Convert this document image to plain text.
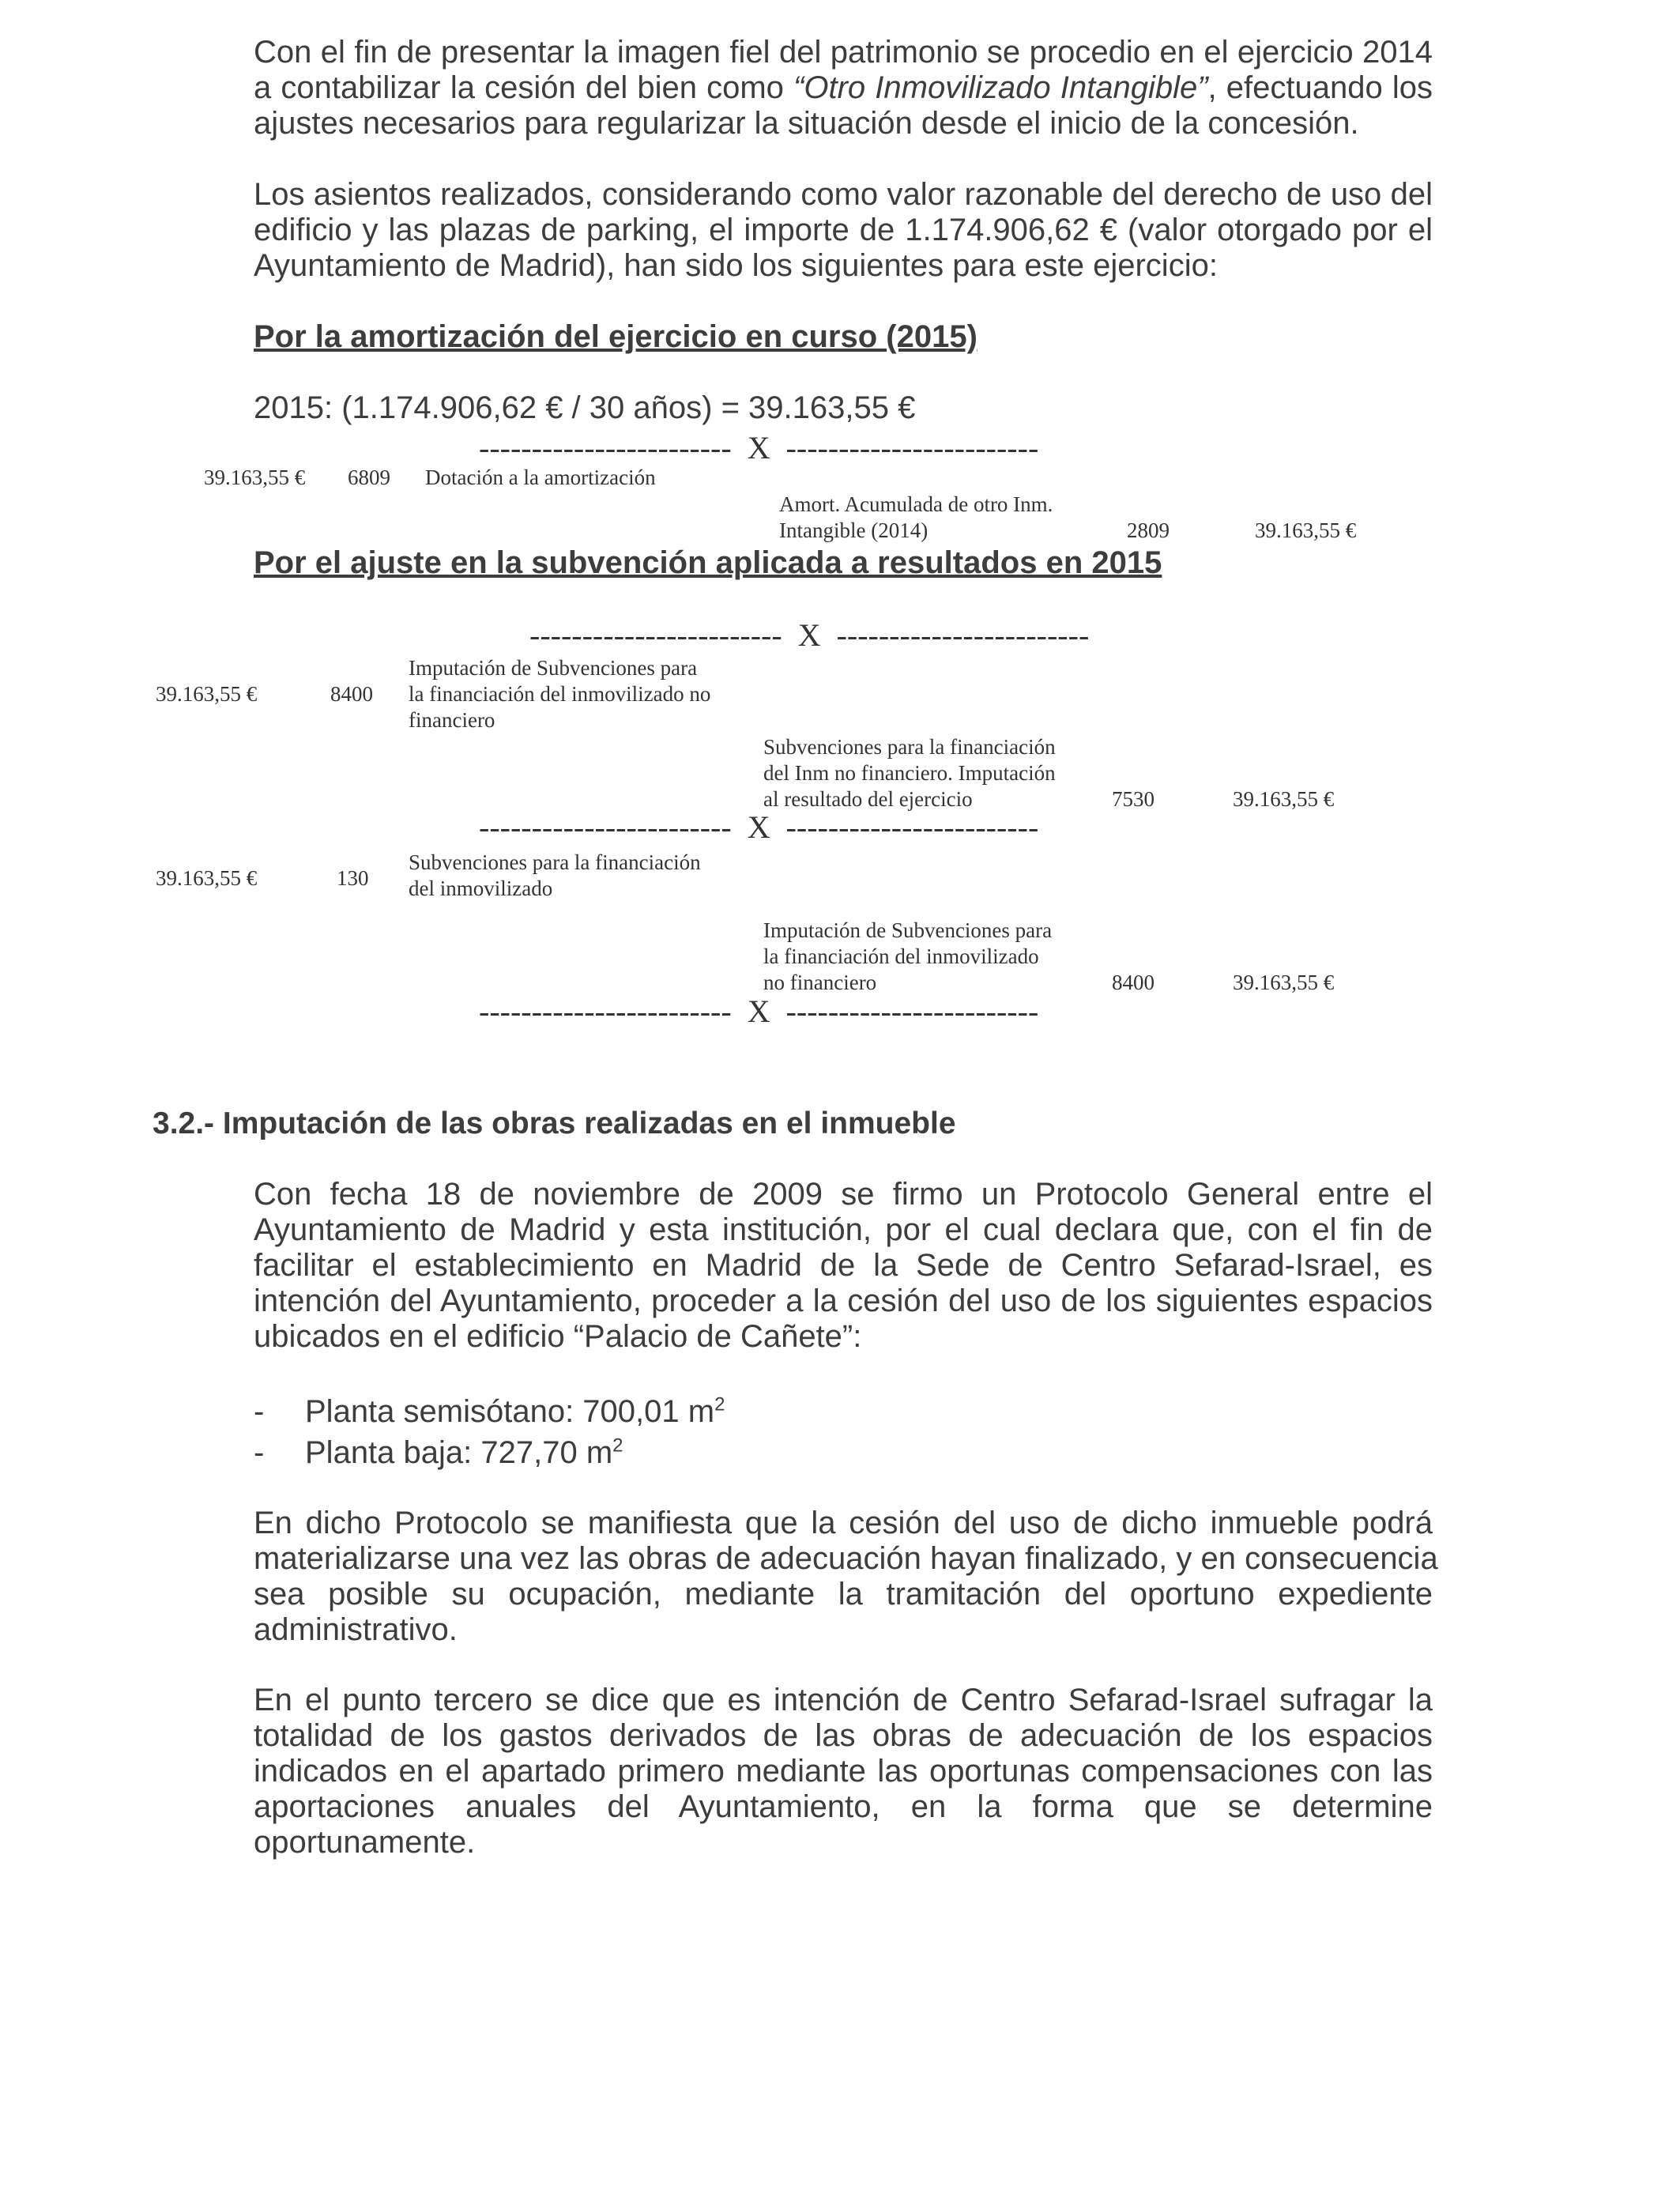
Con el fin de presentar la imagen fiel del patrimonio se procedio en el ejercicio 2014
a contabilizar la cesión del bien como “Otro Inmovilizado Intangible”, efectuando los
ajustes necesarios para regularizar la situación desde el inicio de la concesión.
Los asientos realizados, considerando como valor razonable del derecho de uso del
edificio y las plazas de parking, el importe de 1.174.906,62 € (valor otorgado por el
Ayuntamiento de Madrid), han sido los siguientes para este ejercicio:
Por la amortización del ejercicio en curso (2015)
2015: (1.174.906,62 € / 30 años) = 39.163,55 €
------------------------  X  ------------------------
39.163,55 € 6809 Dotación a la amortización
Amort. Acumulada de otro Inm.
Intangible (2014)	2809	39.163,55 €
Por el ajuste en la subvención aplicada a resultados en 2015
------------------------  X  ------------------------
39.163,55 €	8400
Imputación de Subvenciones para
la financiación del inmovilizado no
financiero
Subvenciones para la financiación
del Inm no financiero. Imputación
al resultado del ejercicio	7530	39.163,55 €
------------------------  X  ------------------------
39.163,55 €	130
Subvenciones para la financiación
del inmovilizado
Imputación de Subvenciones para
la financiación del inmovilizado
no financiero	8400	39.163,55 €
------------------------  X  ------------------------
3.2.- Imputación de las obras realizadas en el inmueble
Con fecha 18 de noviembre de 2009 se firmo un Protocolo General entre el
Ayuntamiento de Madrid y esta institución, por el cual declara que, con el fin de
facilitar el establecimiento en Madrid de la Sede de Centro Sefarad-Israel, es
intención del Ayuntamiento, proceder a la cesión del uso de los siguientes espacios
ubicados en el edificio “Palacio de Cañete”:
- Planta semisótano: 700,01 $m^2$
- Planta baja: 727,70 $m^2$
En dicho Protocolo se manifiesta que la cesión del uso de dicho inmueble podrá
materializarse una vez las obras de adecuación hayan finalizado, y en consecuencia
sea posible su ocupación, mediante la tramitación del oportuno expediente
administrativo.
En el punto tercero se dice que es intención de Centro Sefarad-Israel sufragar la
totalidad de los gastos derivados de las obras de adecuación de los espacios
indicados en el apartado primero mediante las oportunas compensaciones con las
aportaciones anuales del Ayuntamiento, en la forma que se determine
oportunamente.
